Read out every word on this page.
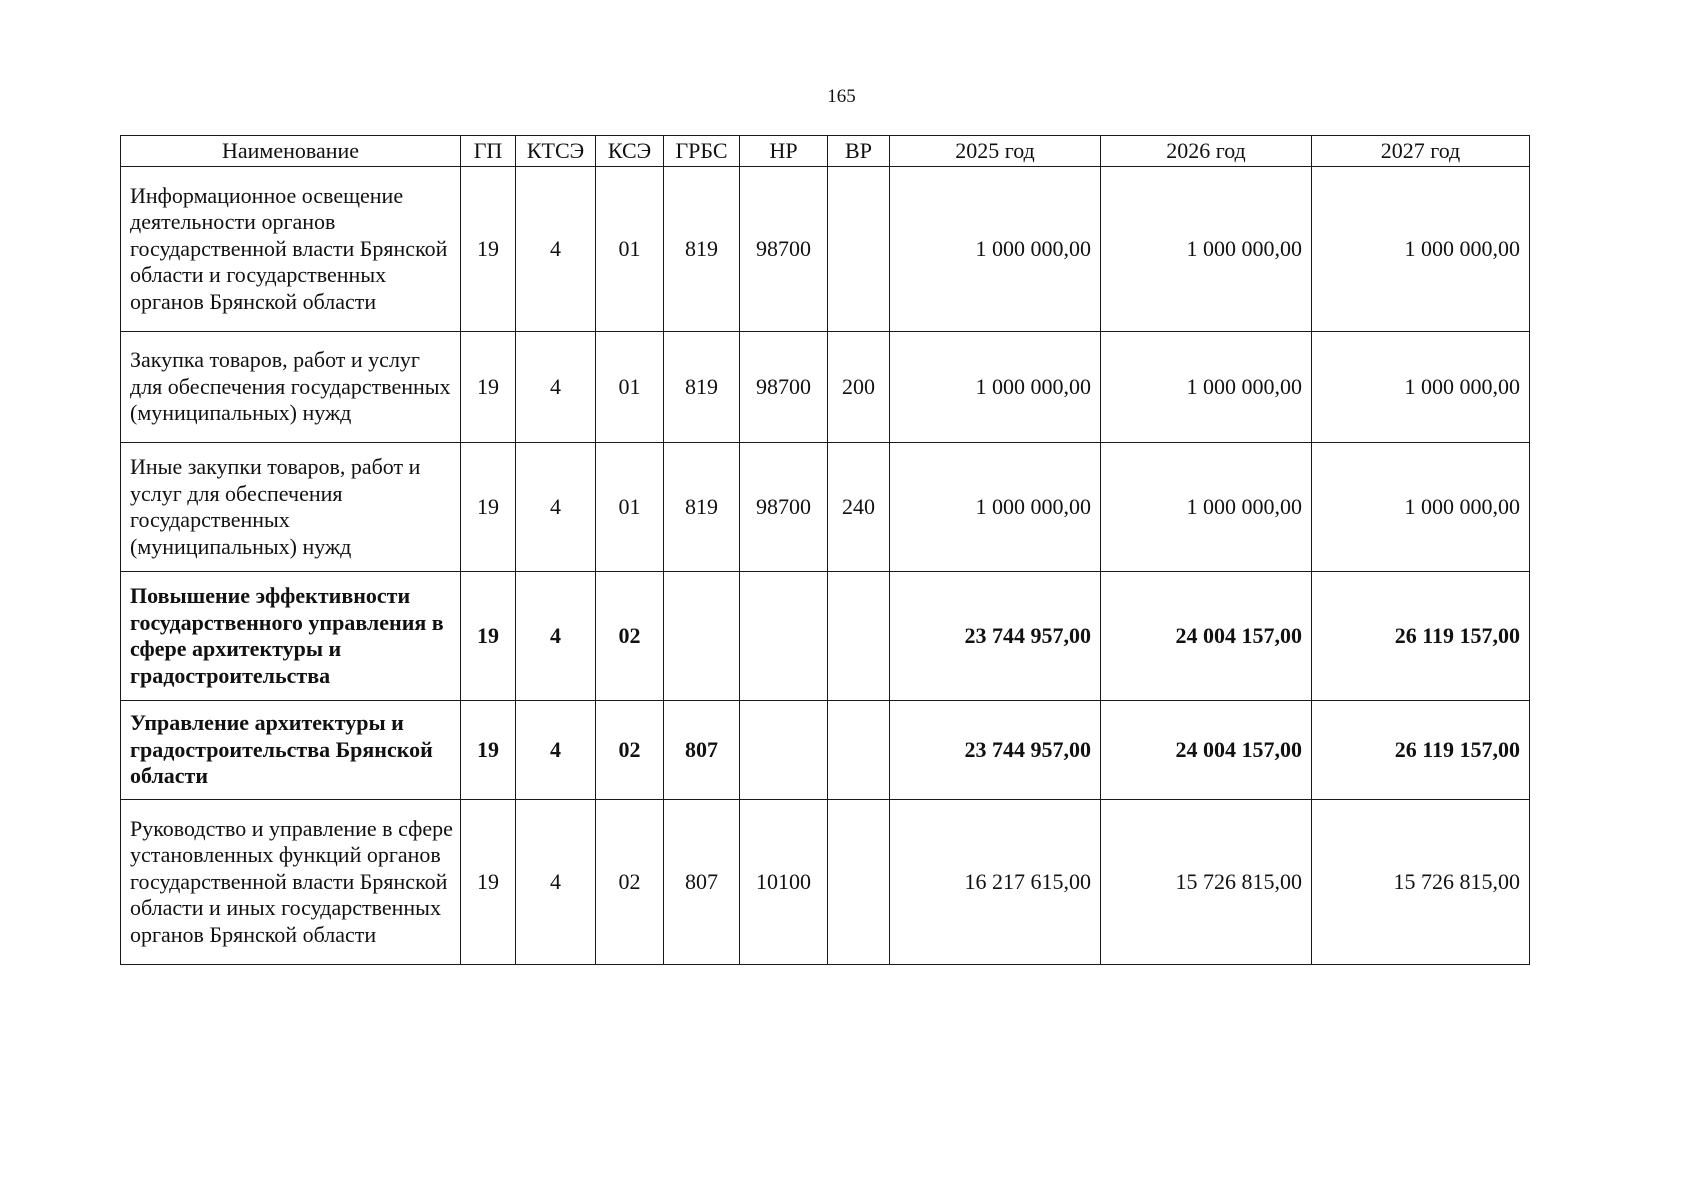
165
Наименование	ГП	КТСЭ	КСЭ	ГРБС	НР	ВР	2025 год	2026 год	2027 год
Информационное освещение деятельности органов государственной власти Брянской области и государственных органов Брянской области	19	4	01	819	98700		1 000 000,00	1 000 000,00	1 000 000,00
Закупка товаров, работ и услуг для обеспечения государственных (муниципальных) нужд	19	4	01	819	98700	200	1 000 000,00	1 000 000,00	1 000 000,00
Иные закупки товаров, работ и услуг для обеспечения государственных (муниципальных) нужд	19	4	01	819	98700	240	1 000 000,00	1 000 000,00	1 000 000,00
Повышение эффективности государственного управления в сфере архитектуры и градостроительства	19	4	02				23 744 957,00	24 004 157,00	26 119 157,00
Управление архитектуры и градостроительства Брянской области	19	4	02	807			23 744 957,00	24 004 157,00	26 119 157,00
Руководство и управление в сфере установленных функций органов государственной власти Брянской области и иных государственных органов Брянской области	19	4	02	807	10100		16 217 615,00	15 726 815,00	15 726 815,00
